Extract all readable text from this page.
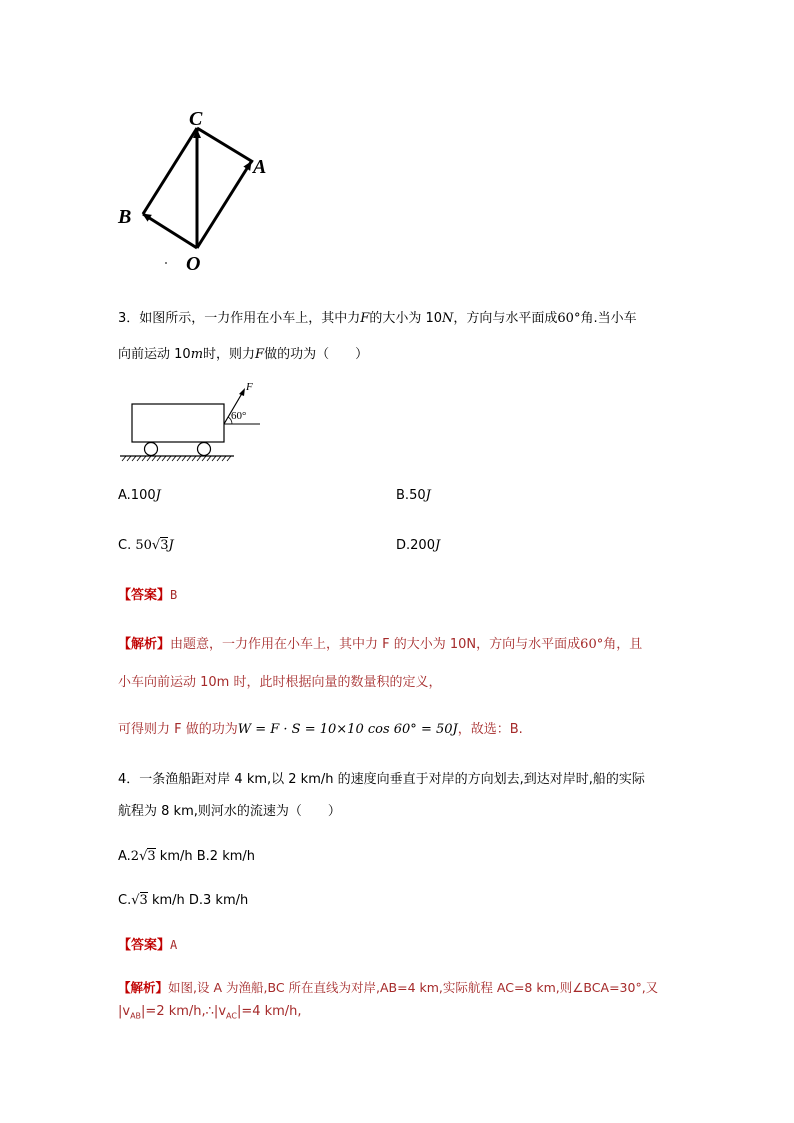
C
A
B
O
3．如图所示，一力作用在小车上，其中力F的大小为 10N，方向与水平面成60°角.当小车
向前运动 10m时，则力F做的功为（　　）
F
60°
A.100J	B.50J
C. 50√3J	D.200J
【答案】B
【解析】由题意，一力作用在小车上，其中力 F 的大小为 10N，方向与水平面成60°角，且
小车向前运动 10m 时，此时根据向量的数量积的定义，
可得则力 F 做的功为W = F · S = 10×10 cos 60° = 50J，故选：B.
4．一条渔船距对岸 4 km,以 2 km/h 的速度向垂直于对岸的方向划去,到达对岸时,船的实际
航程为 8 km,则河水的流速为（　　）
A.2√3 km/h B.2 km/h
C.√3 km/h D.3 km/h
【答案】A
【解析】如图,设 A 为渔船,BC 所在直线为对岸,AB=4 km,实际航程 AC=8 km,则∠BCA=30°,又
$|v_{AB}|=2$ $km/h,\therefore|v_{AC}|=4$ km/h,
